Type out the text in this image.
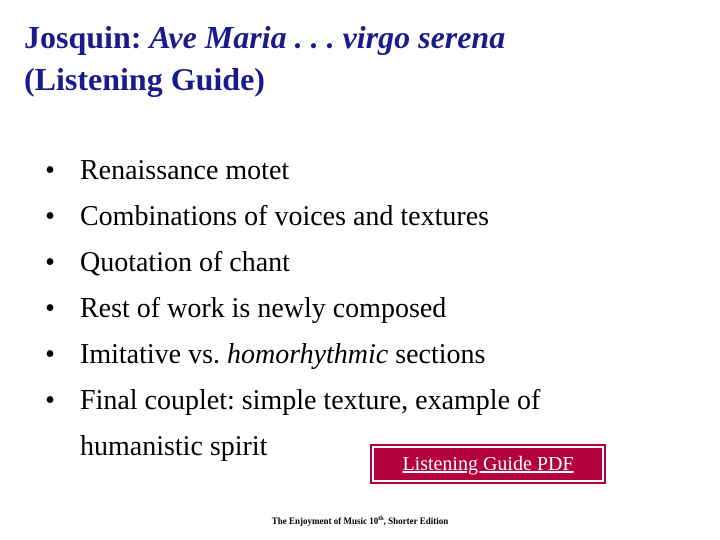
Josquin: Ave Maria . . . virgo serena
(Listening Guide)
• Renaissance motet
• Combinations of voices and textures
• Quotation of chant
• Rest of work is newly composed
• Imitative vs. homorhythmic sections
• Final couplet: simple texture, example of
humanistic spirit
Listening Guide PDF
The Enjoyment of Music 10th, Shorter Edition
